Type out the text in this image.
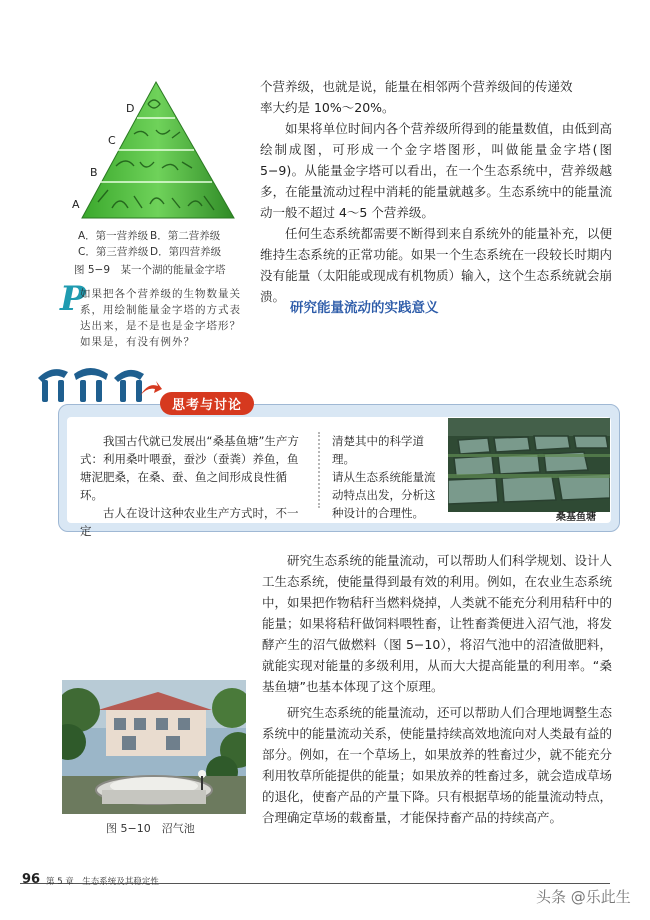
A
B
C
D
A．第一营养级 B．第二营养级
C．第三营养级 D．第四营养级
图 5−9　某一个湖的能量金字塔
P
如果把各个营养级的生物数量关系，用绘制能量金字塔的方式表达出来，是不是也是金字塔形？如果是，有没有例外？

个营养级，也就是说，能量在相邻两个营养级间的传递效

率大约是 10%～20%。

如果将单位时间内各个营养级所得到的能量数值，由低到高绘制成图，可形成一个金字塔图形，叫做能量金字塔(图 5−9)。从能量金字塔可以看出，在一个生态系统中，营养级越多，在能量流动过程中消耗的能量就越多。生态系统中的能量流动一般不超过 4～5 个营养级。

任何生态系统都需要不断得到来自系统外的能量补充，以便维持生态系统的正常功能。如果一个生态系统在一段较长时期内没有能量（太阳能或现成有机物质）输入，这个生态系统就会崩溃。

研究能量流动的实践意义
思考与讨论

我国古代就已发展出“桑基鱼塘”生产方式：利用桑叶喂蚕，蚕沙（蚕粪）养鱼，鱼塘泥肥桑，在桑、蚕、鱼之间形成良性循环。

古人在设计这种农业生产方式时，不一定

清楚其中的科学道理。

请从生态系统能量流动特点出发，分析这种设计的合理性。	桑基鱼塘

研究生态系统的能量流动，可以帮助人们科学规划、设计人工生态系统，使能量得到最有效的利用。例如，在农业生态系统中，如果把作物秸秆当燃料烧掉，人类就不能充分利用秸秆中的能量；如果将秸秆做饲料喂牲畜，让牲畜粪便进入沼气池，将发酵产生的沼气做燃料（图 5−10），将沼气池中的沼渣做肥料，就能实现对能量的多级利用，从而大大提高能量的利用率。“桑基鱼塘”也基本体现了这个原理。

研究生态系统的能量流动，还可以帮助人们合理地调整生态系统中的能量流动关系，使能量持续高效地流向对人类最有益的部分。例如，在一个草场上，如果放养的牲畜过少，就不能充分利用牧草所能提供的能量；如果放养的牲畜过多，就会造成草场的退化，使畜产品的产量下降。只有根据草场的能量流动特点，合理确定草场的载畜量，才能保持畜产品的持续高产。

图 5−10　沼气池
96 第 5 章　生态系统及其稳定性
头条 @乐此生
